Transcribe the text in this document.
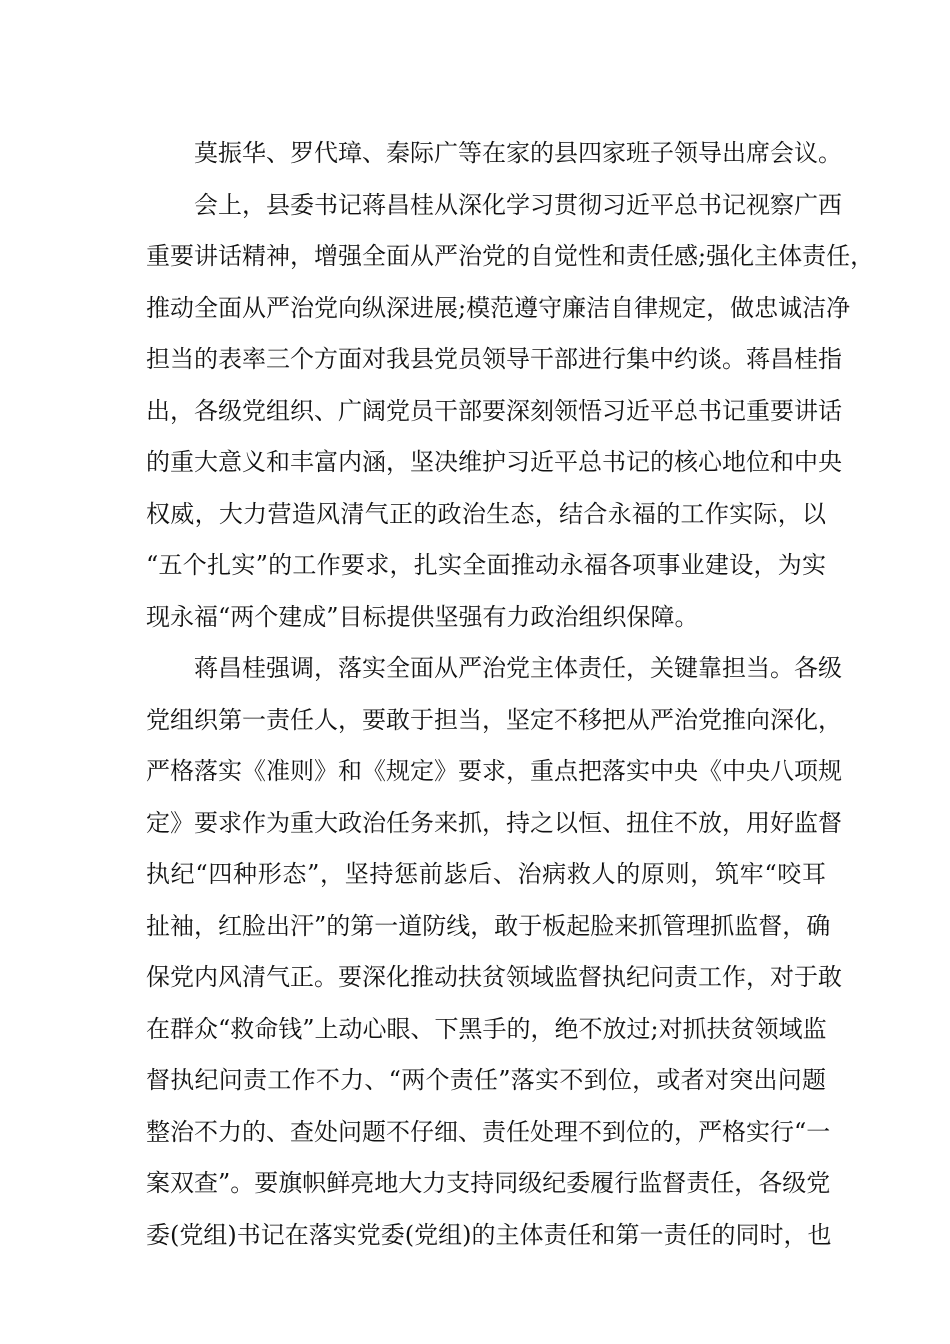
莫振华、罗代璋、秦际广等在家的县四家班子领导出席会议。
会上，县委书记蒋昌桂从深化学习贯彻习近平总书记视察广西
重要讲话精神，增强全面从严治党的自觉性和责任感;强化主体责任，
推动全面从严治党向纵深进展;模范遵守廉洁自律规定，做忠诚洁净
担当的表率三个方面对我县党员领导干部进行集中约谈。蒋昌桂指
出，各级党组织、广阔党员干部要深刻领悟习近平总书记重要讲话
的重大意义和丰富内涵，坚决维护习近平总书记的核心地位和中央
权威，大力营造风清气正的政治生态，结合永福的工作实际，以
“五个扎实”的工作要求，扎实全面推动永福各项事业建设，为实
现永福“两个建成”目标提供坚强有力政治组织保障。
蒋昌桂强调，落实全面从严治党主体责任，关键靠担当。各级
党组织第一责任人，要敢于担当，坚定不移把从严治党推向深化，
严格落实《准则》和《规定》要求，重点把落实中央《中央八项规
定》要求作为重大政治任务来抓，持之以恒、扭住不放，用好监督
执纪“四种形态”，坚持惩前毖后、治病救人的原则，筑牢“咬耳
扯袖，红脸出汗”的第一道防线，敢于板起脸来抓管理抓监督，确
保党内风清气正。要深化推动扶贫领域监督执纪问责工作，对于敢
在群众“救命钱”上动心眼、下黑手的，绝不放过;对抓扶贫领域监
督执纪问责工作不力、“两个责任”落实不到位，或者对突出问题
整治不力的、查处问题不仔细、责任处理不到位的，严格实行“一
案双查”。要旗帜鲜亮地大力支持同级纪委履行监督责任，各级党
委(党组)书记在落实党委(党组)的主体责任和第一责任的同时，也
